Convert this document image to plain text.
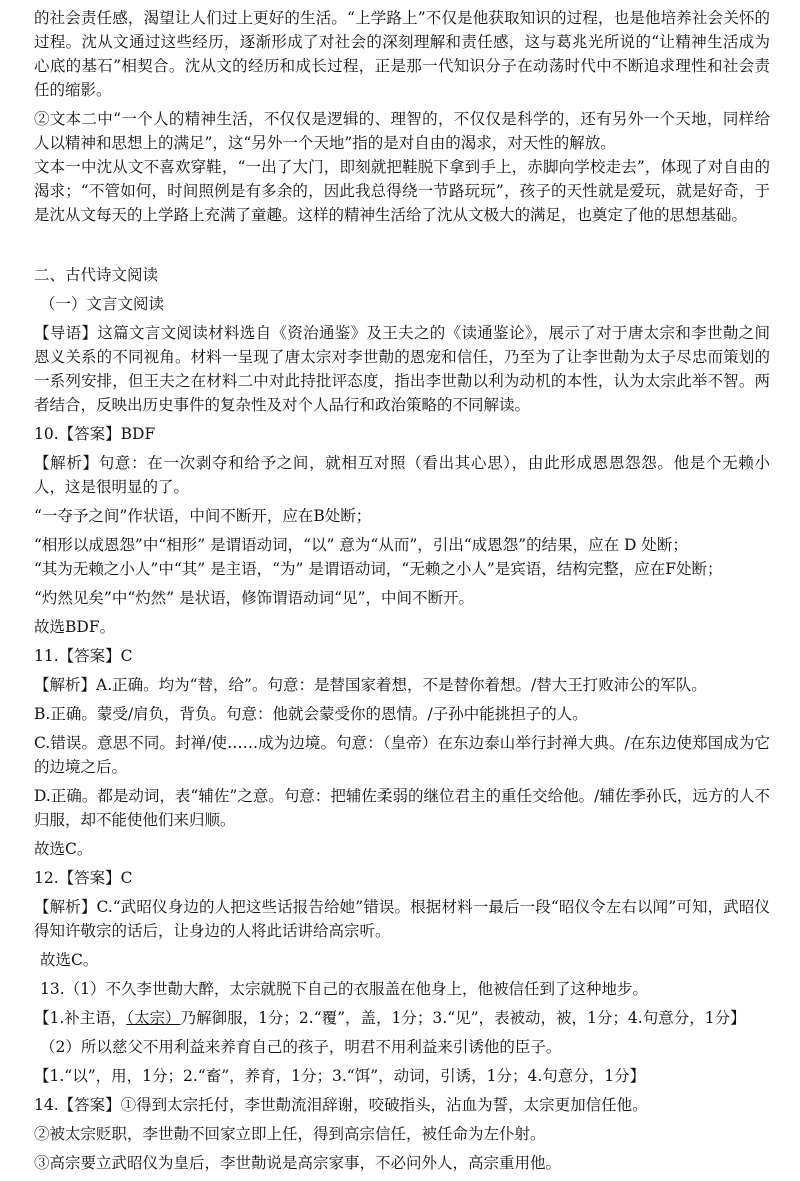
的社会责任感，渴望让人们过上更好的生活。“上学路上”不仅是他获取知识的过程，也是他培养社会关怀的过程。沈从文通过这些经历，逐渐形成了对社会的深刻理解和责任感，这与葛兆光所说的“让精神生活成为心底的基石”相契合。沈从文的经历和成长过程，正是那一代知识分子在动荡时代中不断追求理性和社会责任的缩影。

②文本二中“一个人的精神生活，不仅仅是逻辑的、理智的，不仅仅是科学的，还有另外一个天地，同样给人以精神和思想上的满足”，这“另外一个天地”指的是对自由的渴求，对天性的解放。

文本一中沈从文不喜欢穿鞋，“一出了大门，即刻就把鞋脱下拿到手上，赤脚向学校走去”，体现了对自由的渴求；“不管如何，时间照例是有多余的，因此我总得绕一节路玩玩”，孩子的天性就是爱玩，就是好奇，于是沈从文每天的上学路上充满了童趣。这样的精神生活给了沈从文极大的满足，也奠定了他的思想基础。

二、古代诗文阅读

（一）文言文阅读

【导语】这篇文言文阅读材料选自《资治通鉴》及王夫之的《读通鉴论》，展示了对于唐太宗和李世勣之间恩义关系的不同视角。材料一呈现了唐太宗对李世勣的恩宠和信任，乃至为了让李世勣为太子尽忠而策划的一系列安排，但王夫之在材料二中对此持批评态度，指出李世勣以利为动机的本性，认为太宗此举不智。两者结合，反映出历史事件的复杂性及对个人品行和政治策略的不同解读。

10.【答案】BDF

【解析】句意：在一次剥夺和给予之间，就相互对照（看出其心思），由此形成恩恩怨怨。他是个无赖小人，这是很明显的了。

“一夺予之间”作状语，中间不断开，应在B处断；

“相形以成恩怨”中“相形” 是谓语动词，“以” 意为“从而”，引出“成恩怨”的结果，应在 D 处断；

“其为无赖之小人”中“其” 是主语，“为” 是谓语动词，“无赖之小人”是宾语，结构完整，应在F处断；

“灼然见矣”中“灼然” 是状语，修饰谓语动词“见”，中间不断开。

故选BDF。

11.【答案】C

【解析】A.正确。均为“替，给”。句意：是替国家着想，不是替你着想。/替大王打败沛公的军队。

B.正确。蒙受/肩负，背负。句意：他就会蒙受你的恩情。/子孙中能挑担子的人。

C.错误。意思不同。封禅/使……成为边境。句意：（皇帝）在东边泰山举行封禅大典。/在东边使郑国成为它的边境之后。

D.正确。都是动词，表“辅佐”之意。句意：把辅佐柔弱的继位君主的重任交给他。/辅佐季孙氏，远方的人不归服，却不能使他们来归顺。

故选C。

12.【答案】C

【解析】C.“武昭仪身边的人把这些话报告给她”错误。根据材料一最后一段“昭仪令左右以闻”可知，武昭仪得知许敬宗的话后，让身边的人将此话讲给高宗听。

故选C。

13.（1）不久李世勣大醉，太宗就脱下自己的衣服盖在他身上，他被信任到了这种地步。

【1.补主语，（太宗）乃解御服，1分；2.“覆”，盖，1分；3.“见”，表被动，被，1分；4.句意分，1分】

（2）所以慈父不用利益来养育自己的孩子，明君不用利益来引诱他的臣子。

【1.“以”，用，1分；2.“畜”，养育，1分；3.“饵”，动词，引诱，1分；4.句意分，1分】

14.【答案】①得到太宗托付，李世勣流泪辞谢，咬破指头，沾血为誓，太宗更加信任他。

②被太宗贬职，李世勣不回家立即上任，得到高宗信任，被任命为左仆射。

③高宗要立武昭仪为皇后，李世勣说是高宗家事，不必问外人，高宗重用他。
